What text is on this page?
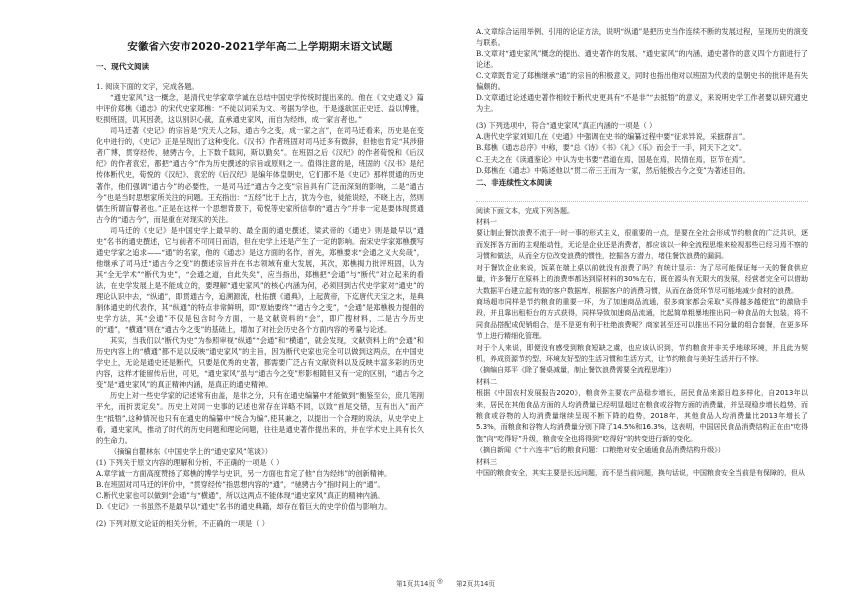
安徽省六安市2020-2021学年高二上学期期末语文试题
一、现代文阅读

1. 阅读下面的文字，完成各题。

“通史家风”这一概念，是清代史学家章学诚在总结中国史学传统时提出来的。他在《文史通义》篇中评价郑樵《通志》的宋代史家郑樵：“不徒以词采为文、考据为学也，于是遂欲匡正史迁、益以博雅，贬损班固，讥其因袭，这以别识心裁，直承通史家风，而自为经纬，成一家言者也。”

司马迁著《史记》的宗旨是“究天人之际，通古今之变，成一家之言”，在司马迁看来，历史是在变化中进行的，《史记》正是呈现出了这种变化。《汉书》作者班固对司马迁多有微辞，但他也肯定“其涉猎者广博，贯穿经传，驰骋古今，上下数千载间，斯以勤矣”。在班固之后《汉纪》的作者荀悦和《后汉纪》的作者袁宏，都把“通古今”作为历史撰述的宗旨或原则之一。值得注意的是，班固的《汉书》是纪传体断代史，荀悦的《汉纪》、袁宏的《后汉纪》是编年体皇朝史，它们都不是《史记》那样贯通的历史著作，他们强调“通古今”的必要性，一是司马迁“通古今之变”宗旨具有广泛而深刻的影响，二是“通古今”也是当时思想家所关注的问题。王充指出：“五经”比于上古，犹为今也，徒能说经，不晓上古，然则儒生所谓盲瞽者也。”正是在这样一个思想背景下，荀悦等史家所信奉的“通古今”并非一定是要体现贯通古今的“通古今”，而是重在对现实的关注。

司马迁的《史记》是中国史学上最早的、最全面的通史撰述，梁武帝的《通史》则是最早以“通史”名书的通史撰述，它与前者不可同日而语，但在史学上还是产生了一定的影响。南宋史学家郑樵撰写通史学家之追求——“通”的名家，他的《通志》是这方面的名作，首先，郑樵要求“会通之义大矣哉”，他继承了司马迁“通古今之变”的撰述宗旨并在书志领域有重大发展，其次，郑樵揭力批评班固，认为其“全无学术”“断代为史”，“会通之道，自此失矣”，应当指出，郑樵把“会通”与“断代”对立起来的看法，在史学发展上是不能成立的，要理解“通史家风”的核心内涵为何，必须回到古代史学家对“通史”的理论认识中去，“纵通”，即贯通古今，追溯源流，杜佑撰《通典》，上起黄帝，下迄唐代天宝之末，是典制体通史的代表作，其“纵通”的特点非常鲜明，即“原始要终”“通古今之变”，“会通”是郑樵极力提倡的史学方法，其“会通”不仅是包含时今方面，一是文献资料的“会”，即广搜材料，二是古今历史的“通”，“横通”则在“通古今之变”的基础上，增加了对社会历史各个方面内容的考量与论述。

其实，当我们以“断代为史”为参照审视“纵通”“会通”和“横通”，就会发现，文献资料上的“会通”和历史内容上的“横通”都不足以反映“通史家风”的主旨，因为断代史家也完全可以做到这两点，在中国史学史上，无论是通史还是断代，只要是优秀的史著，都需要广泛占有文献资料以及反映丰富多彩的历史内容，这样才能留传后世，可见，“通史家风”虽与“通古今之变”形影相随但又有一定的区别，“通古今之变”是“通史家风”的真正精神内涵，是真正的通史精神。

历史上对一些史学家的记述常有由盖，是非之分，只有在通史编纂中才能做到“衡鉴至公，庶几笔削平允，而折衷定矣”。历史上对同一史事的记述也常存在详略不同，以致“首尾交错，互有出入”而产生“抵牾”,这种情况也只有在通史的编纂中“统合为编”,使其兼之，以提出一个合理的说法，从史学史上看，通史家风，推动了时代的历史问题和理论问题，往往是通史著作提出来的，并在学术史上具有长久的生命力。

（摘编自瞿林东《中国史学上的“通史家风”笔谈》）

(1) 下列关于原文内容的理解和分析，不正确的一项是（ ）

A.章学诚一方面高度赞扬了郑樵的博学与史识，另一方面也肯定了他“自为经纬”的创新精神。

B.在班固对司马迁的评价中，“贯穿经传”指思想内容的“通”，“驰骋古今”指时间上的“通”。

C.断代史家也可以做到“会通”与“横通”，所以这两点不能体现“通史家风”真正的精神内涵。

D.《史记》一书虽然不是最早以“通史”名书的通史典籍，却存在着巨大的史学价值与影响力。

(2) 下列对原文论证的相关分析，不正确的一项是（ ）

A.文章综合运用举例、引用的论证方法，说明“纵通”是把历史当作连续不断的发展过程，呈现历史的演变与联系。

B.文章对“通史家风”概念的提出、通史著作的发展、“通史家风”的内涵、通史著作的意义四个方面进行了论述。

C.文章既肯定了郑樵继承“通”的宗旨的积极意义，同时也指出他对以班固为代表的皇朝史书的批评是有失偏颇的。

D.文章通过论述通史著作相较于断代史更具有“不是非”“去抵牾”的意义，来说明史学工作者要以研究通史为主。

(3) 下列选项中，符合“通史家风”真正内涵的一项是（ ）

A.唐代史学家刘知几在《史通》中强调在史书的编纂过程中要“征求异说，采摭群言”。

B.郑樵《通志总序》中称，要“总《诗》《书》《礼》《乐》而会于一手，同天下之文”。

C.王夫之在《读通鉴论》中认为史书要“君道在焉，国是在焉，民情在焉，臣节在焉”。

D.郑樵在《通志》中陈述他以“贯二帝三王而为一家，然后能极古今之变”为著述目的。

二、非连续性文本阅读

阅读下面文本，完成下列各题。

材料一

要让制止餐饮浪费不流于一时一事的形式主义，很重要的一点，是要在全社会形成节约粮食的广泛共识，逐而发挥各方面的主观能动性，无论是企业还是消费者，都应该以一种全流程思维来检视那些已经习焉不察的习惯和做法，从而全方位改变浪费的惯性，挖掘各方潜力，堵住餐饮浪费的漏洞。

对于餐饮企业来说，饭菜在端上桌以前就没有浪费了吗？有统计显示：为了尽可能保证每一天的餐食供应量，许多餐厅在原料上的浪费率都达到原材料的30%左右，既在源头有无限大的发展，经营者完全可以借助大数据平台建立起有效的客户数据库，根据客户的消费习惯，从而在备货环节尽可能地减少食材的浪费。

商场超市同样是节约粮食的重要一环，为了加速商品流通，很多商家都会采取“买得越多越便宜”的激励手段，并且靠出租柜台的方式获得，同样导致加速商品流通，比起简单粗暴地推出同一种食品的大包装，将不同食品搭配成促销组合，是不是更有利于杜绝浪费呢？商家甚至还可以推出不同分量的组合套餐，在更多环节上进行精细化管理。

对于个人来说，即便没有感受到粮食短缺之虞，也应该认识到，节约粮食并非关乎地球环境，并且此为契机，养成资源节约型、环境友好型的生活习惯和生活方式，让节约粮食与美好生活并行不悖。

（摘编自郑平《除了餐桌减量，制止餐饮浪费需要全流程思维》）

材料二

根据《中国农村发展报告2020》，粮食外主要农产品稳步增长，居民食品来源日趋多样化，自2013年以来，居民在其他食品方面的人均消费量已经明显超过在粮食或谷物方面的消费量，并呈现稳步增长趋势，而粮食或谷物的人均消费量继续呈现不断下降的趋势，2018年，其他食品人均消费量比2013年增长了5.3%，而粮食和谷物人均消费量分别下降了14.5%和16.3%，这表明，中国居民食品消费结构正在由“吃得饱”向“吃得好”升级，粮食安全也将得到“吃得好”的转变进行新的变化。

（摘自新闻《“十六连丰”后的粮食问题：口粮绝对安全通通食品消费结构升级》）

材料三

中国的粮食安全，其实主要是长远问题，而不是当前问题，换句话说，中国粮食安全当前是有保障的，但从

第1页共14页 ◎ 第2页共14页
